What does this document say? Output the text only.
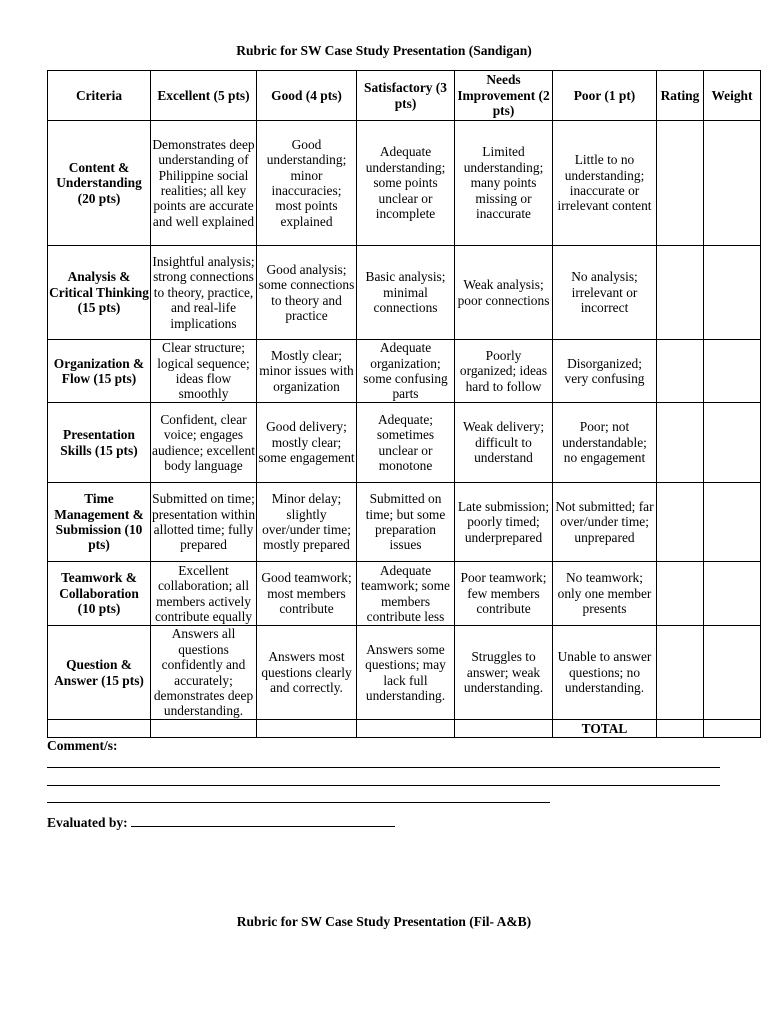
Rubric for SW Case Study Presentation (Sandigan)
Criteria	Excellent (5 pts)	Good (4 pts)	Satisfactory (3 pts)	Needs Improvement (2 pts)	Poor (1 pt)	Rating	Weight
Content & Understanding (20 pts)	Demonstrates deep understanding of Philippine social realities; all key points are accurate and well explained	Good understanding; minor inaccuracies; most points explained	Adequate understanding; some points unclear or incomplete	Limited understanding; many points missing or inaccurate	Little to no understanding; inaccurate or irrelevant content		
Analysis & Critical Thinking (15 pts)	Insightful analysis; strong connections to theory, practice, and real-life implications	Good analysis; some connections to theory and practice	Basic analysis; minimal connections	Weak analysis; poor connections	No analysis; irrelevant or incorrect		
Organization & Flow (15 pts)	Clear structure; logical sequence; ideas flow smoothly	Mostly clear; minor issues with organization	Adequate organization; some confusing parts	Poorly organized; ideas hard to follow	Disorganized; very confusing		
Presentation Skills (15 pts)	Confident, clear voice; engages audience; excellent body language	Good delivery; mostly clear; some engagement	Adequate; sometimes unclear or monotone	Weak delivery; difficult to understand	Poor; not understandable; no engagement		
Time Management & Submission (10 pts)	Submitted on time; presentation within allotted time; fully prepared	Minor delay; slightly over/under time; mostly prepared	Submitted on time; but some preparation issues	Late submission; poorly timed; underprepared	Not submitted; far over/under time; unprepared		
Teamwork & Collaboration (10 pts)	Excellent collaboration; all members actively contribute equally	Good teamwork; most members contribute	Adequate teamwork; some members contribute less	Poor teamwork; few members contribute	No teamwork; only one member presents		
Question & Answer (15 pts)	Answers all questions confidently and accurately; demonstrates deep understanding.	Answers most questions clearly and correctly.	Answers some questions; may lack full understanding.	Struggles to answer; weak understanding.	Unable to answer questions; no understanding.		
					TOTAL		
Comment/s:
Evaluated by:
Rubric for SW Case Study Presentation (Fil- A&B)
